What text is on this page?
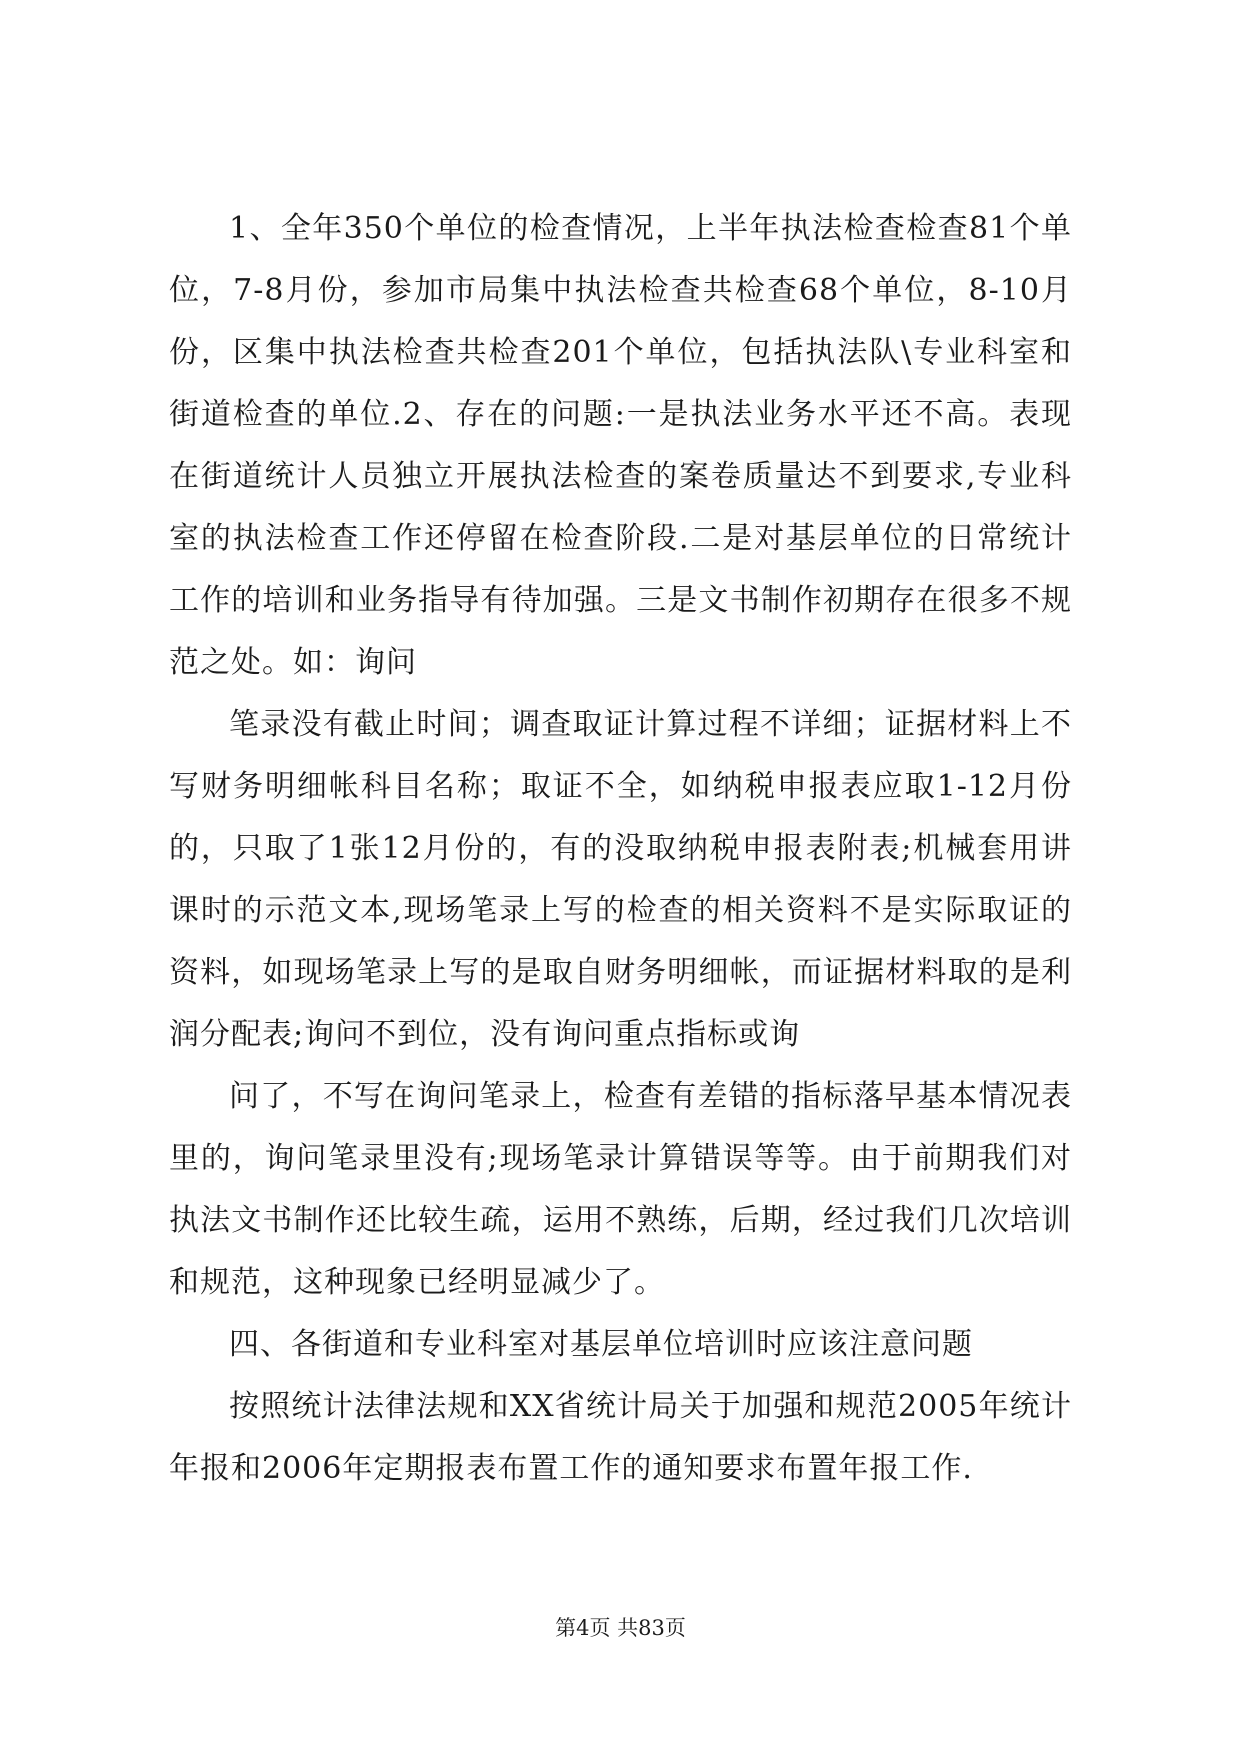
1、全年350个单位的检查情况，上半年执法检查检查81个单位，7-8月份，参加市局集中执法检查共检查68个单位，8-10月份，区集中执法检查共检查201个单位，包括执法队\专业科室和街道检查的单位.2、存在的问题:一是执法业务水平还不高。表现在街道统计人员独立开展执法检查的案卷质量达不到要求,专业科室的执法检查工作还停留在检查阶段.二是对基层单位的日常统计工作的培训和业务指导有待加强。三是文书制作初期存在很多不规范之处。如：询问

笔录没有截止时间；调查取证计算过程不详细；证据材料上不写财务明细帐科目名称；取证不全，如纳税申报表应取1-12月份的，只取了1张12月份的，有的没取纳税申报表附表;机械套用讲课时的示范文本,现场笔录上写的检查的相关资料不是实际取证的资料，如现场笔录上写的是取自财务明细帐，而证据材料取的是利润分配表;询问不到位，没有询问重点指标或询

问了，不写在询问笔录上，检查有差错的指标落早基本情况表里的，询问笔录里没有;现场笔录计算错误等等。由于前期我们对执法文书制作还比较生疏，运用不熟练，后期，经过我们几次培训和规范，这种现象已经明显减少了。

四、各街道和专业科室对基层单位培训时应该注意问题

按照统计法律法规和XX省统计局关于加强和规范2005年统计年报和2006年定期报表布置工作的通知要求布置年报工作.

第4页 共83页
